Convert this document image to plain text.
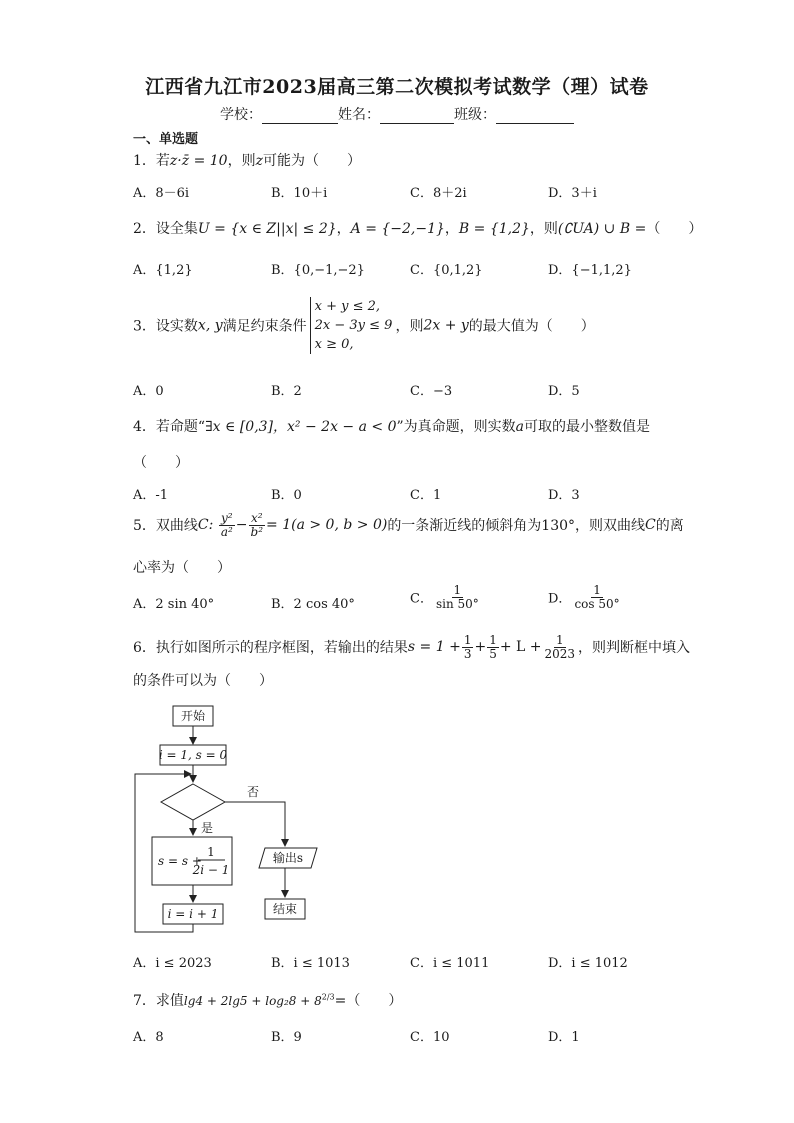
江西省九江市2023届高三第二次模拟考试数学（理）试卷
学校：	姓名：	班级：
一、单选题
1．若z·z̄ = 10，则z可能为（　　）
A．8－6i	B．10＋i	C．8＋2i	D．3＋i
2．设全集U = {x ∈ Z||x| ≤ 2}，A = {−2,−1}，B = {1,2}，则(∁UA) ∪ B =（　　）
A．{1,2}	B．{0,−1,−2}	C．{0,1,2}	D．{−1,1,2}
3．设实数x, y满足约束条件
x + y ≤ 2,
2x − 3y ≤ 9
x ≥ 0,
，则2x + y的最大值为（　　）
A．0	B．2	C．−3	D．5
4．若命题“∃x ∈ [0,3]，x² − 2x − a < 0”为真命题，则实数a可取的最小整数值是
（　　）
A．-1	B．0	C．1	D．3
5．双曲线C: $\frac{\text{y²}}{\text{a²}} - \frac{\text{x²}}{\text{b²}} = 1(a > 0$, b > 0)的一条渐近线的倾斜角为130°，则双曲线C的离
心率为（　　）
A．2 sin 40°	B．2 cos 40°	C． $\frac{1}{\sin 50^\circ}$	D． $\frac{1}{\cos 50^\circ}$
6．执行如图所示的程序框图，若输出的结果$s = 1 + \frac{1}{3} + \frac{1}{5} + L + \frac{1}{2023}$ ，则判断框中填入
的条件可以为（　　）
开始
i = 1, s = 0
否
是
s = s +
1
2i − 1
i = i + 1
输出s
结束
A．i ≤ 2023	B．i ≤ 1013	C．i ≤ 1011	D．i ≤ 1012
7．求值$\lg 4 + 2\lg 5 + \log_28 + 8^{2/3}=$（　　）
A．8	B．9	C．10	D．1
